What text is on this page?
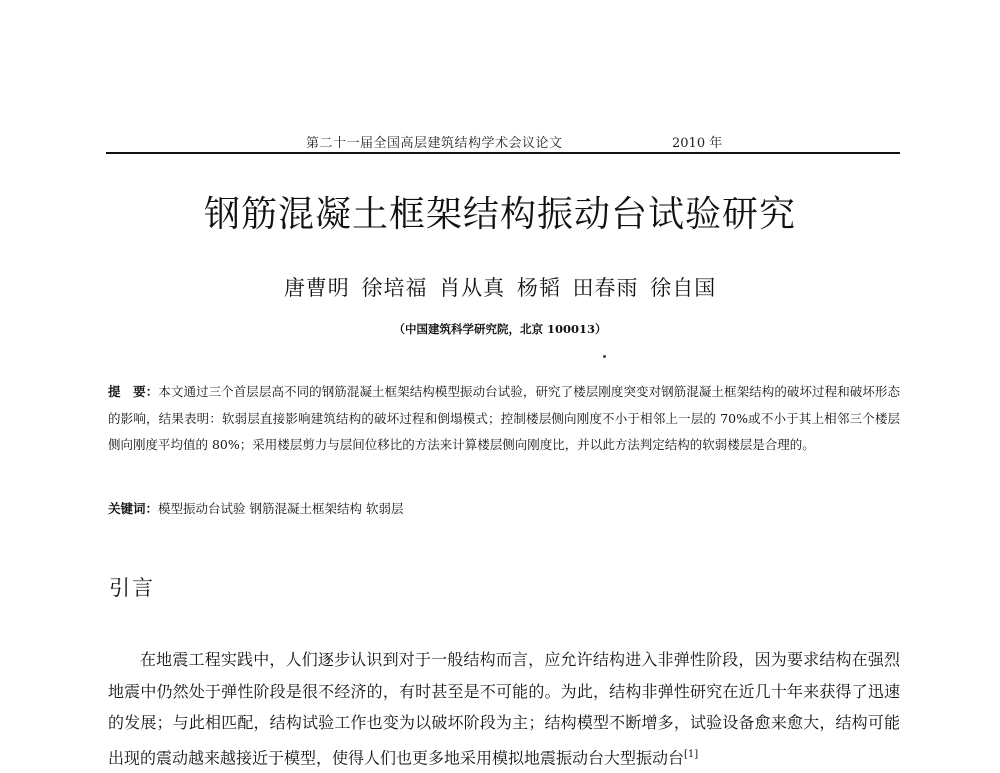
第二十一届全国高层建筑结构学术会议论文	2010 年
钢筋混凝土框架结构振动台试验研究
唐曹明 徐培福 肖从真 杨韬 田春雨 徐自国
（中国建筑科学研究院，北京 100013）
提　要：本文通过三个首层层高不同的钢筋混凝土框架结构模型振动台试验，研究了楼层刚度突变对钢筋混凝土框架结构的破坏过程和破坏形态的影响，结果表明：软弱层直接影响建筑结构的破坏过程和倒塌模式；控制楼层侧向刚度不小于相邻上一层的 70%或不小于其上相邻三个楼层侧向刚度平均值的 80%；采用楼层剪力与层间位移比的方法来计算楼层侧向刚度比，并以此方法判定结构的软弱楼层是合理的。
关键词：模型振动台试验 钢筋混凝土框架结构 软弱层
引言
在地震工程实践中，人们逐步认识到对于一般结构而言，应允许结构进入非弹性阶段，因为要求结构在强烈地震中仍然处于弹性阶段是很不经济的，有时甚至是不可能的。为此，结构非弹性研究在近几十年来获得了迅速的发展；与此相匹配，结构试验工作也变为以破坏阶段为主；结构模型不断增多，试验设备愈来愈大，结构可能出现的震动越来越接近于模型，使得人们也更多地采用模拟地震振动台大型振动台[1]
